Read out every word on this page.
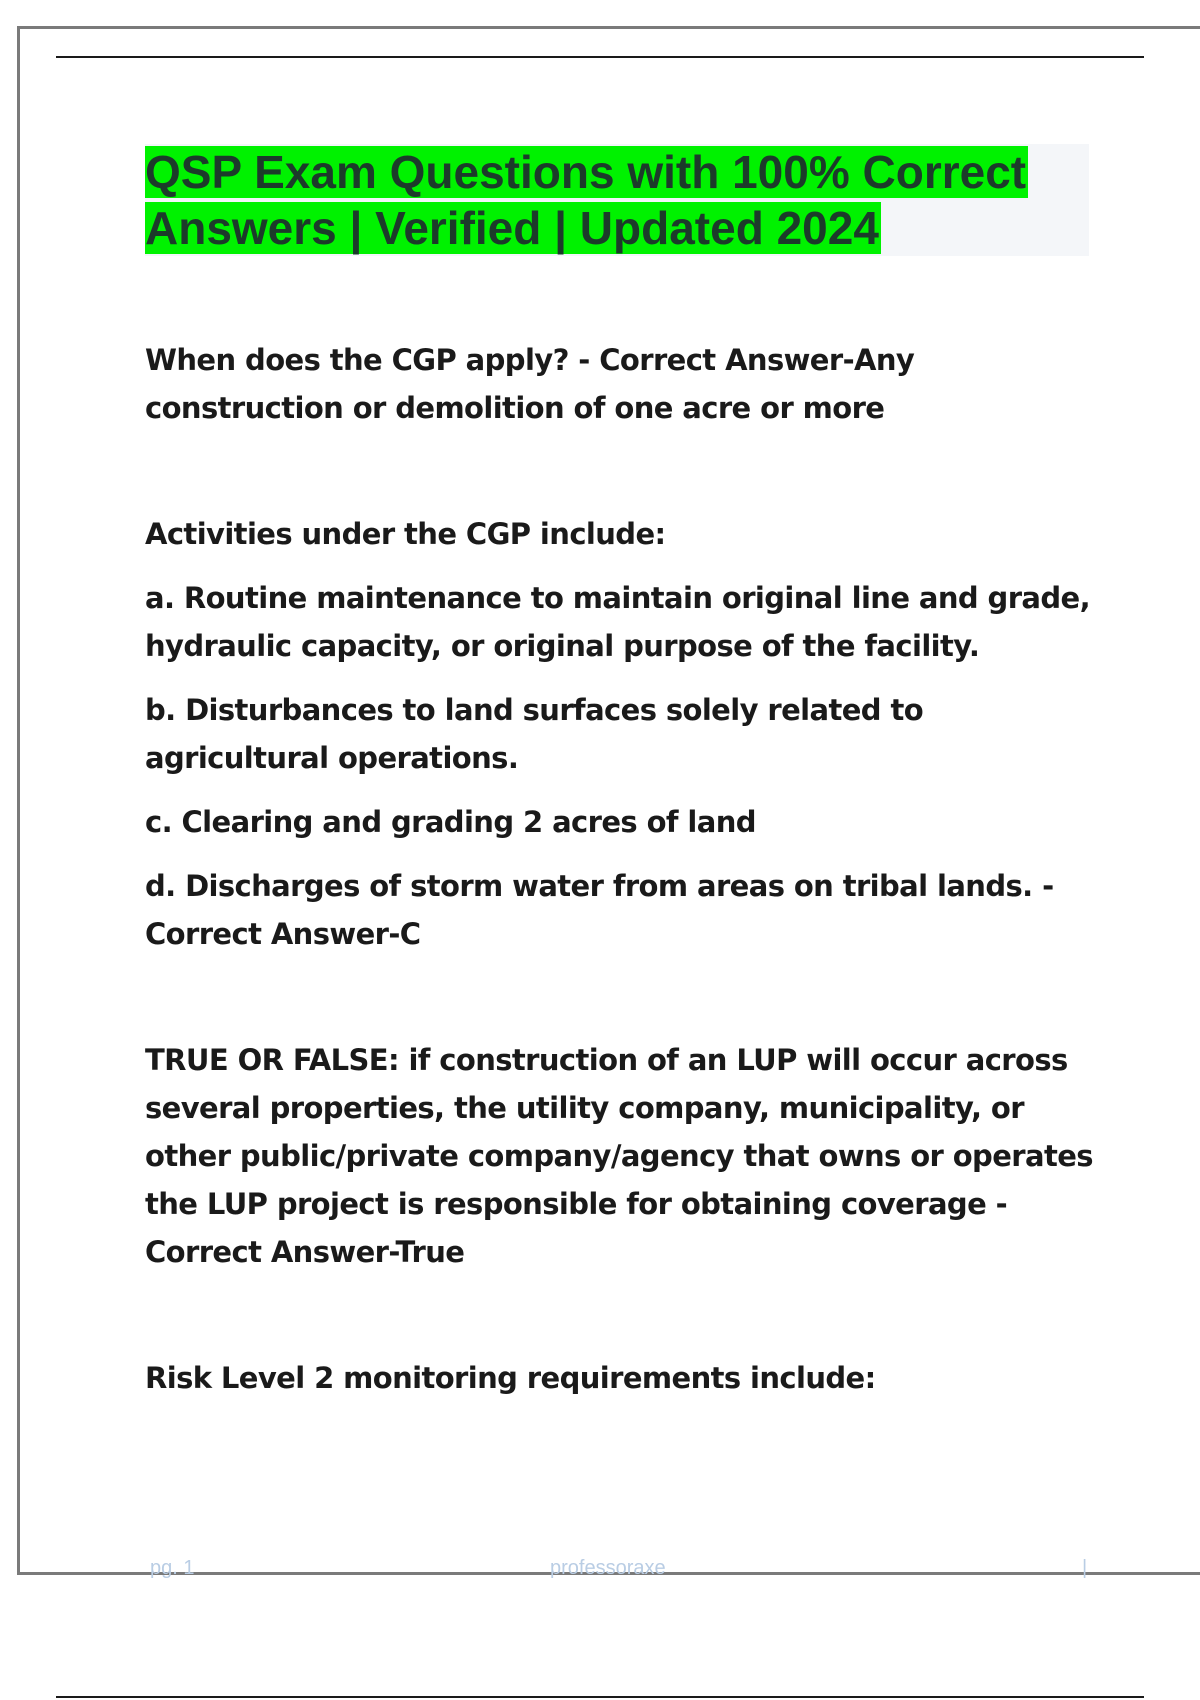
QSP Exam Questions with 100% Correct
Answers | Verified | Updated 2024

When does the CGP apply? - Correct Answer-Any construction or demolition of one acre or more

Activities under the CGP include:

a. Routine maintenance to maintain original line and grade, hydraulic capacity, or original purpose of the facility.

b. Disturbances to land surfaces solely related to agricultural operations.

c. Clearing and grading 2 acres of land

d. Discharges of storm water from areas on tribal lands. - Correct Answer-C

TRUE OR FALSE: if construction of an LUP will occur across several properties, the utility company, municipality, or other public/private company/agency that owns or operates the LUP project is responsible for obtaining coverage - Correct Answer-True

Risk Level 2 monitoring requirements include:

pg. 1	professoraxe	|
